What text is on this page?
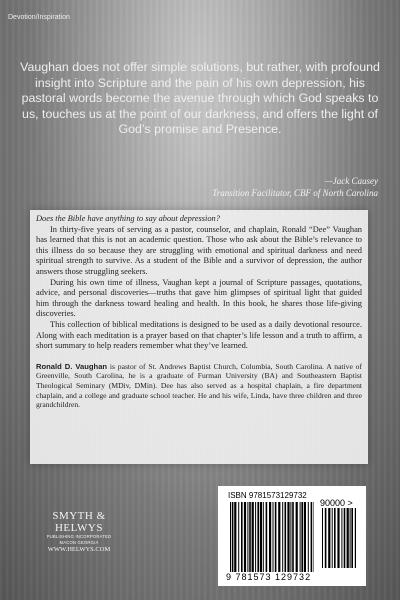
Devotion/Inspiration
Vaughan does not offer simple solutions, but rather, with profound insight into Scripture and the pain of his own depression, his pastoral words become the avenue through which God speaks to us, touches us at the point of our darkness, and offers the light of God’s promise and Presence.
—Jack Causey
Transition Facilitator, CBF of North Carolina

Does the Bible have anything to say about depression?

In thirty-five years of serving as a pastor, counselor, and chaplain, Ronald “Dee” Vaughan has learned that this is not an academic question. Those who ask about the Bible’s relevance to this illness do so because they are struggling with emotional and spiritual darkness and need spiritual strength to survive. As a student of the Bible and a survivor of depression, the author answers those struggling seekers.

During his own time of illness, Vaughan kept a journal of Scripture passages, quotations, advice, and personal discoveries—truths that gave him glimpses of spiritual light that guided him through the darkness toward healing and health. In this book, he shares those life-giving discoveries.

This collection of biblical meditations is designed to be used as a daily devotional resource. Along with each meditation is a prayer based on that chapter’s life lesson and a truth to affirm, a short summary to help readers remember what they’ve learned.

Ronald D. Vaughan is pastor of St. Andrews Baptist Church, Columbia, South Carolina. A native of Greenville, South Carolina, he is a graduate of Furman University (BA) and Southeastern Baptist Theological Seminary (MDiv, DMin). Dee has also served as a hospital chaplain, a fire department chaplain, and a college and graduate school teacher. He and his wife, Linda, have three children and three grandchildren.

SMYTH & HELWYS
PUBLISHING INCORPORATED MACON GEORGIA
WWW.HELWYS.COM
ISBN 9781573129732
90000 >
9 781573 129732
